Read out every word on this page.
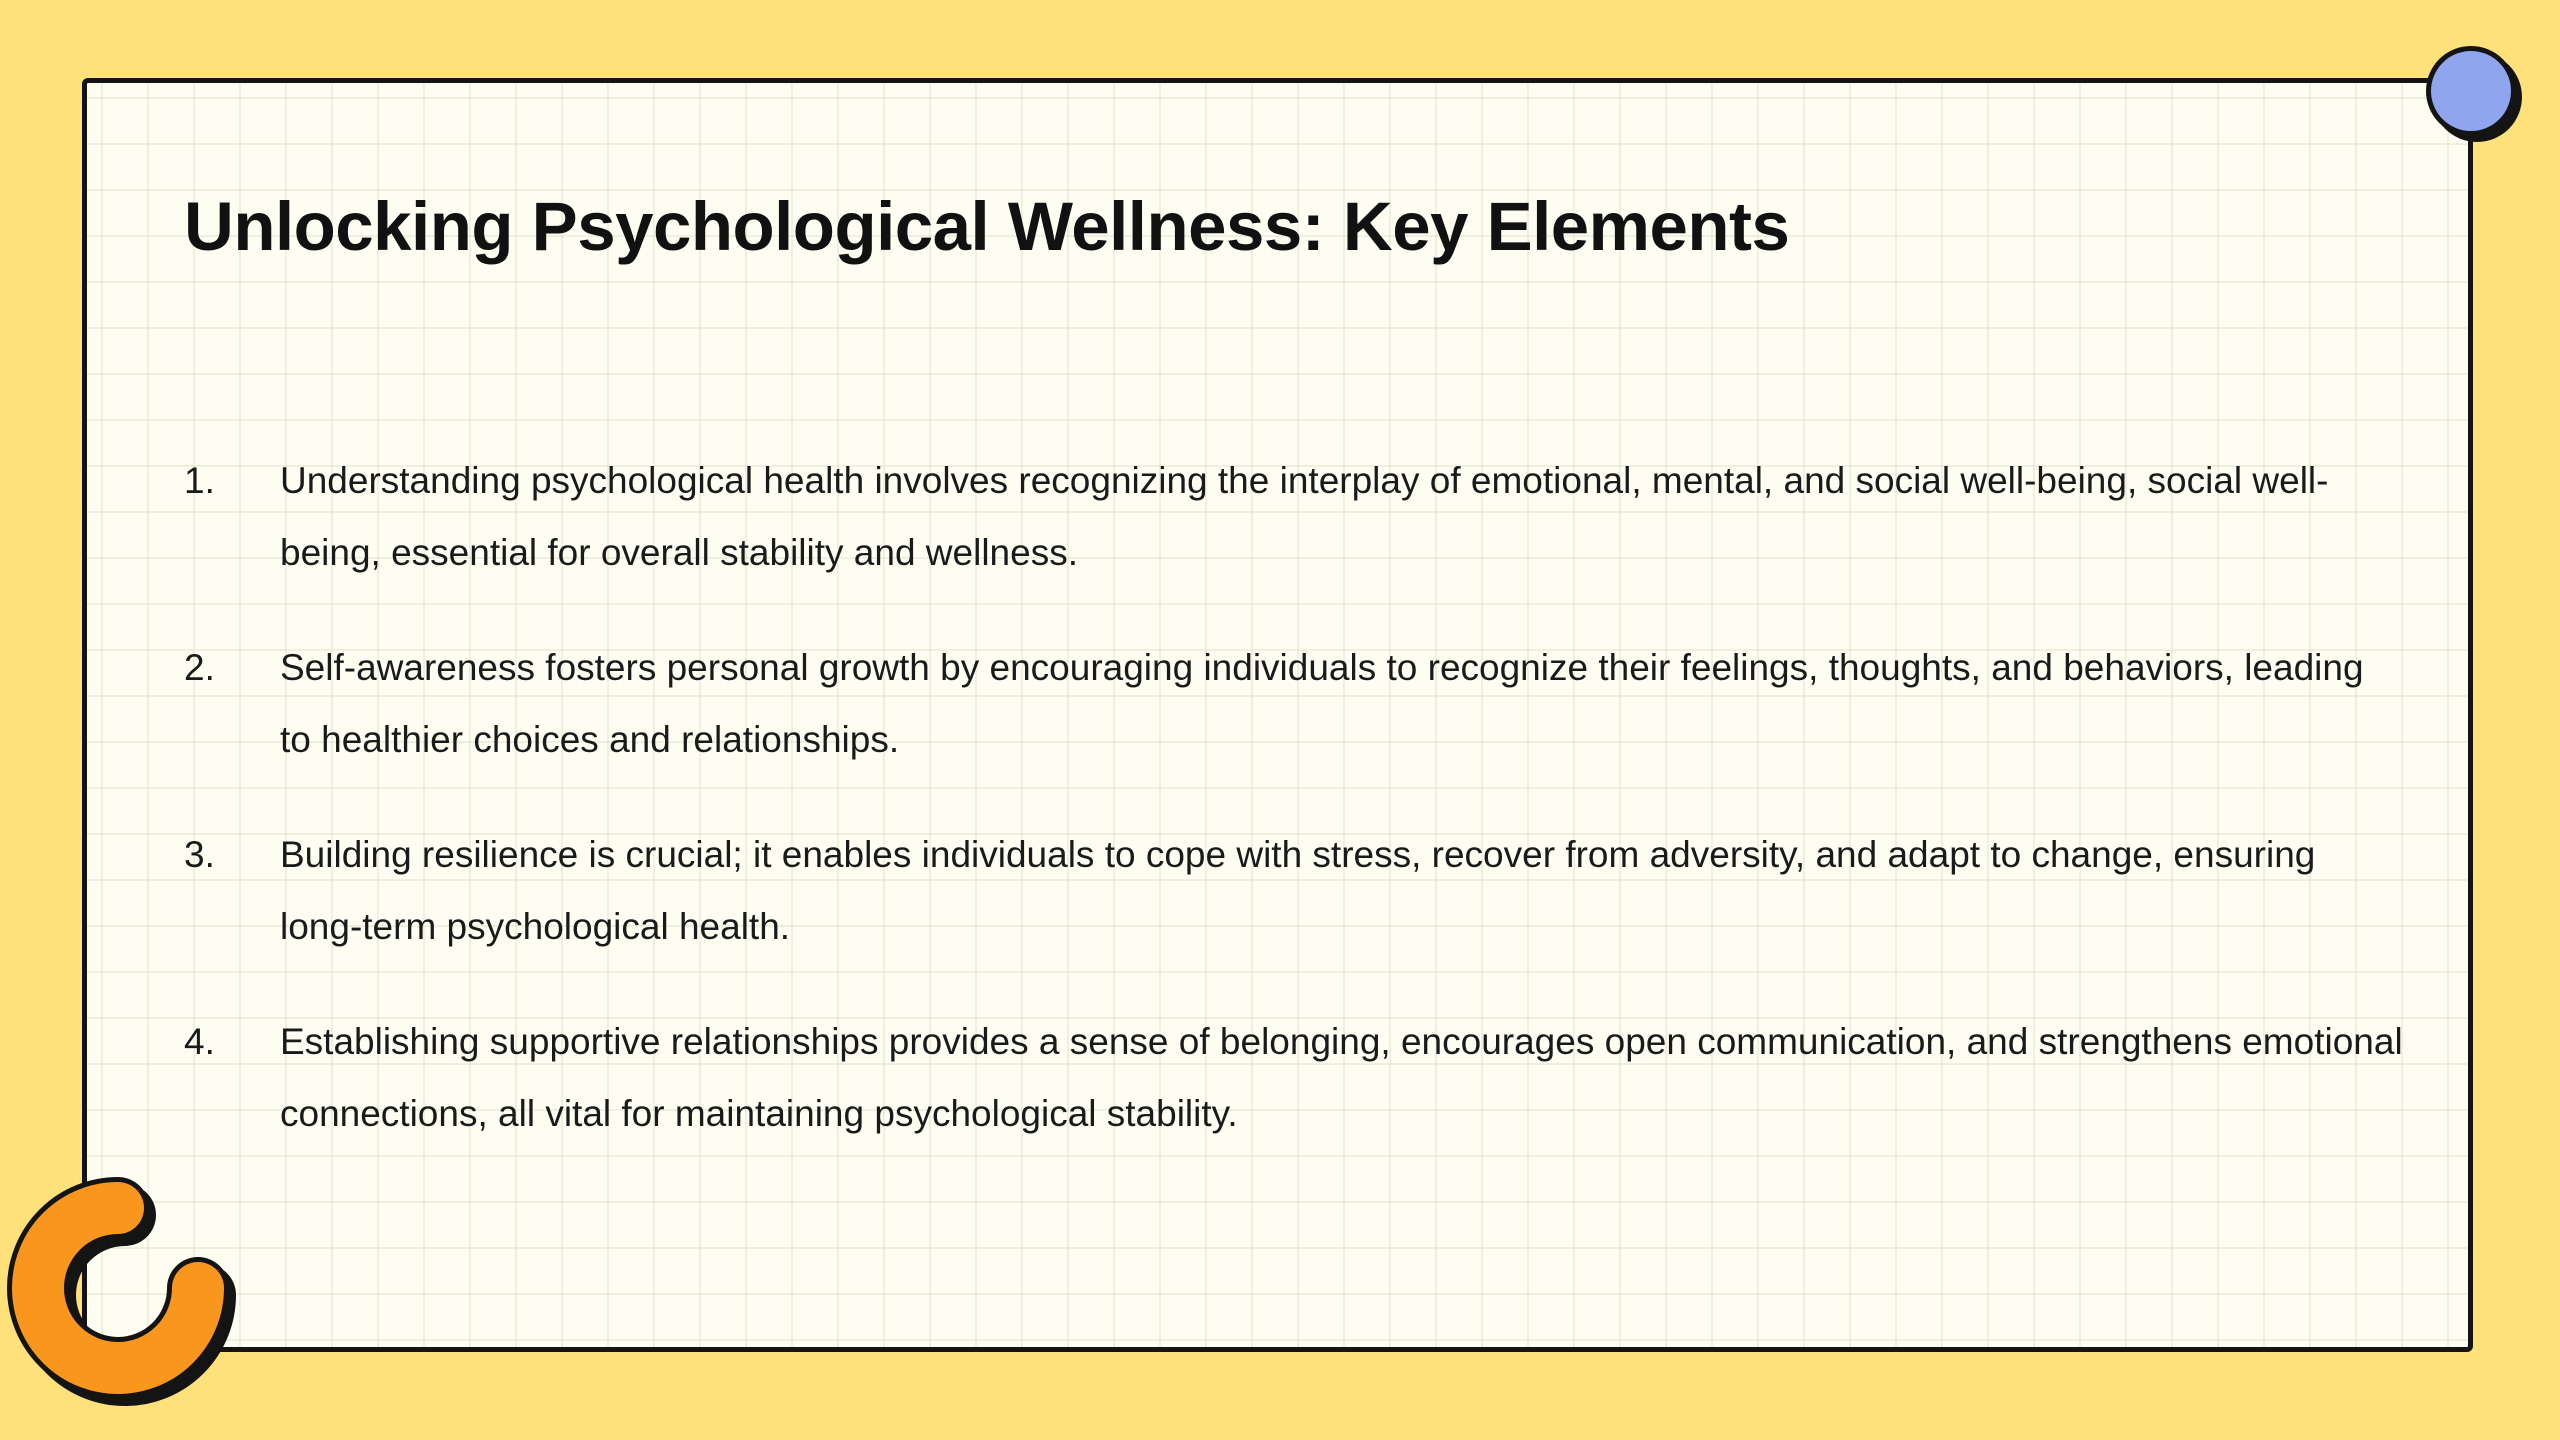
Unlocking Psychological Wellness: Key Elements
1.	Understanding psychological health involves recognizing the interplay of emotional, mental, and social well-being, social well-being, essential for overall stability and wellness.
2.	Self-awareness fosters personal growth by encouraging individuals to recognize their feelings, thoughts, and behaviors, leading to healthier choices and relationships.
3.	Building resilience is crucial; it enables individuals to cope with stress, recover from adversity, and adapt to change, ensuring long-term psychological health.
4.	Establishing supportive relationships provides a sense of belonging, encourages open communication, and strengthens emotional connections, all vital for maintaining psychological stability.
